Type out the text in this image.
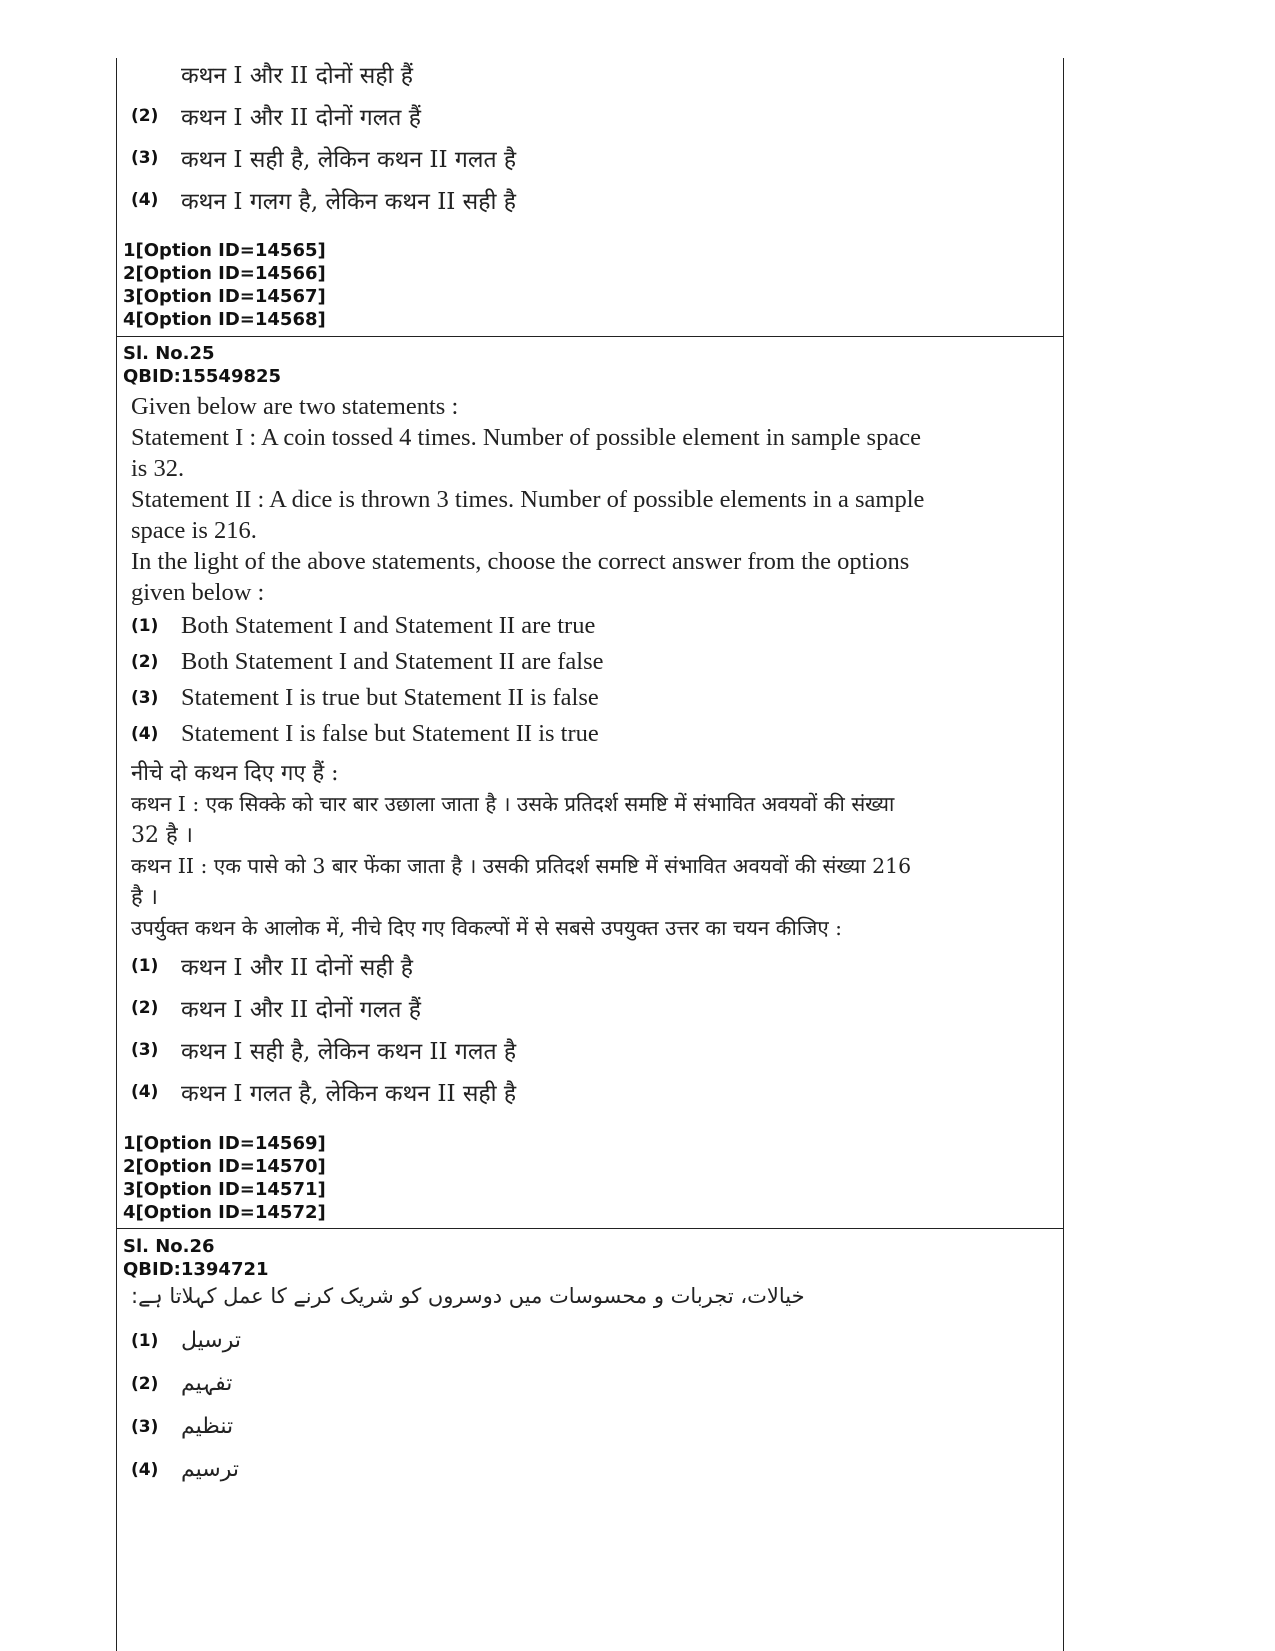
कथन I और II दोनों सही हैं
(2) कथन I और II दोनों गलत हैं
(3) कथन I सही है, लेकिन कथन II गलत है
(4) कथन I गलग है, लेकिन कथन II सही है
1[Option ID=14565]
2[Option ID=14566]
3[Option ID=14567]
4[Option ID=14568]
Sl. No.25
QBID:15549825
Given below are two statements :
Statement I : A coin tossed 4 times. Number of possible element in sample space
is 32.
Statement II : A dice is thrown 3 times. Number of possible elements in a sample
space is 216.
In the light of the above statements, choose the correct answer from the options
given below :
(1) Both Statement I and Statement II are true
(2) Both Statement I and Statement II are false
(3) Statement I is true but Statement II is false
(4) Statement I is false but Statement II is true
नीचे दो कथन दिए गए हैं :
कथन I : एक सिक्के को चार बार उछाला जाता है । उसके प्रतिदर्श समष्टि में संभावित अवयवों की संख्या
32 है ।
कथन II : एक पासे को 3 बार फेंका जाता है । उसकी प्रतिदर्श समष्टि में संभावित अवयवों की संख्या 216
है ।
उपर्युक्त कथन के आलोक में, नीचे दिए गए विकल्पों में से सबसे उपयुक्त उत्तर का चयन कीजिए :
(1) कथन I और II दोनों सही है
(2) कथन I और II दोनों गलत हैं
(3) कथन I सही है, लेकिन कथन II गलत है
(4) कथन I गलत है, लेकिन कथन II सही है
1[Option ID=14569]
2[Option ID=14570]
3[Option ID=14571]
4[Option ID=14572]
Sl. No.26
QBID:1394721
خیالات، تجربات و محسوسات میں دوسروں کو شریک کرنے کا عمل کہلاتا ہے:
(1)	ترسیل
(2)	تفہیم
(3)	تنظیم
(4)	ترسیم
